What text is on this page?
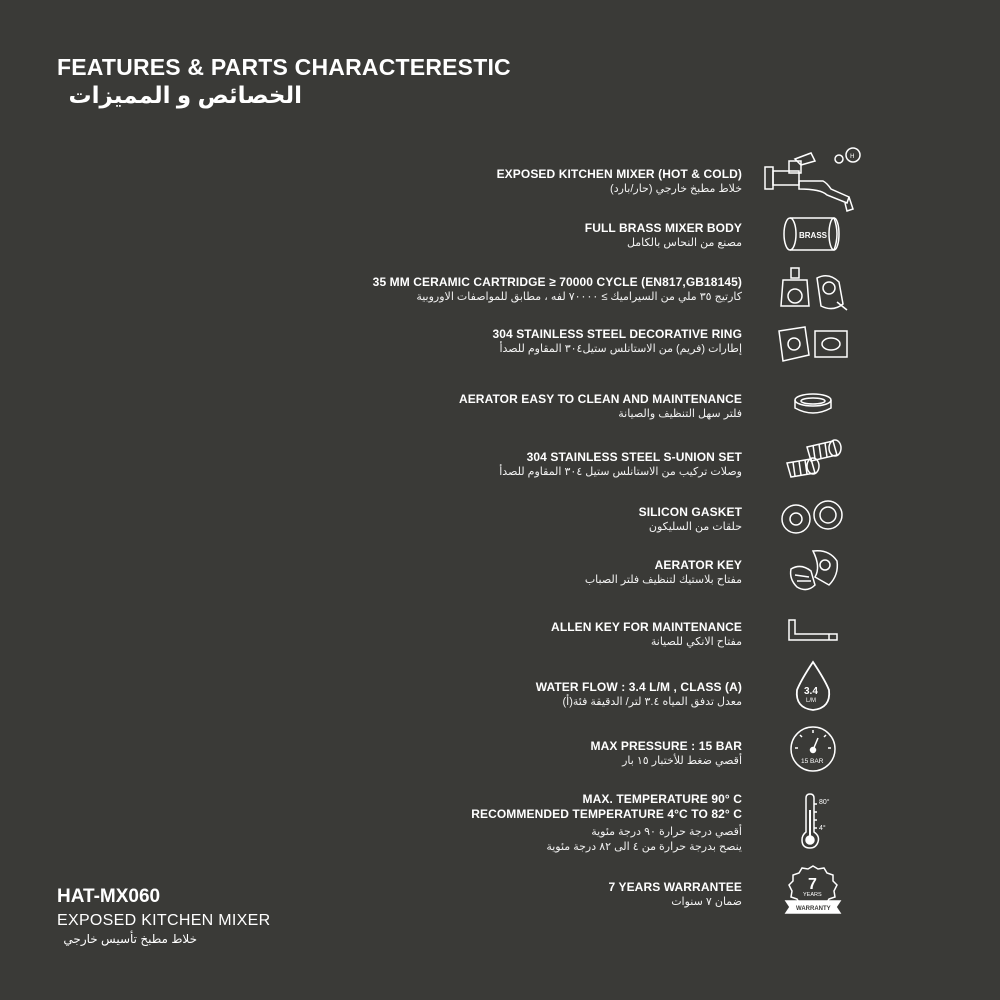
FEATURES & PARTS CHARACTERESTIC
الخصائص و المميزات
EXPOSED KITCHEN MIXER (HOT & COLD)
خلاط مطبخ خارجي (حار/بارد)
H
FULL BRASS MIXER BODY
مصنع من النحاس بالكامل
BRASS
35 MM CERAMIC CARTRIDGE ≥ 70000 CYCLE (EN817,GB18145)
كارتيج ٣٥ ملي من السيراميك ≥ ٧٠٠٠٠ لفه ، مطابق للمواصفات الاوروبية
304 STAINLESS STEEL DECORATIVE RING
إطارات (فريم) من الاستانلس ستيل٣٠٤ المقاوم للصدأ
AERATOR EASY TO CLEAN AND MAINTENANCE
فلتر سهل التنظيف والصيانة
304 STAINLESS STEEL S-UNION SET
وصلات تركيب من الاستانلس ستيل ٣٠٤ المقاوم للصدأ
SILICON GASKET
حلقات من السليكون
AERATOR KEY
مفتاح بلاستيك لتنظيف فلتر الصباب
ALLEN KEY FOR MAINTENANCE
مفتاح الانكي للصيانة
WATER FLOW : 3.4 L/M , CLASS (A)
معدل تدفق المياه ٣.٤ لتر/ الدقيقة فئة(أ)
3.4
L/M
MAX PRESSURE : 15 BAR
أقصي ضغط للأختبار ١٥ بار	15 BAR
MAX. TEMPERATURE 90° C
RECOMMENDED TEMPERATURE 4°C TO 82° C
أقصي درجة حرارة ٩٠ درجة مئوية
ينصح بدرجة حرارة من ٤ الى ٨٢ درجة مئوية
80°
4°
7 YEARS WARRANTEE
ضمان ٧ سنوات
7
YEARS
WARRANTY
HAT-MX060
EXPOSED KITCHEN MIXER
خلاط مطبخ تأسيس خارجي
